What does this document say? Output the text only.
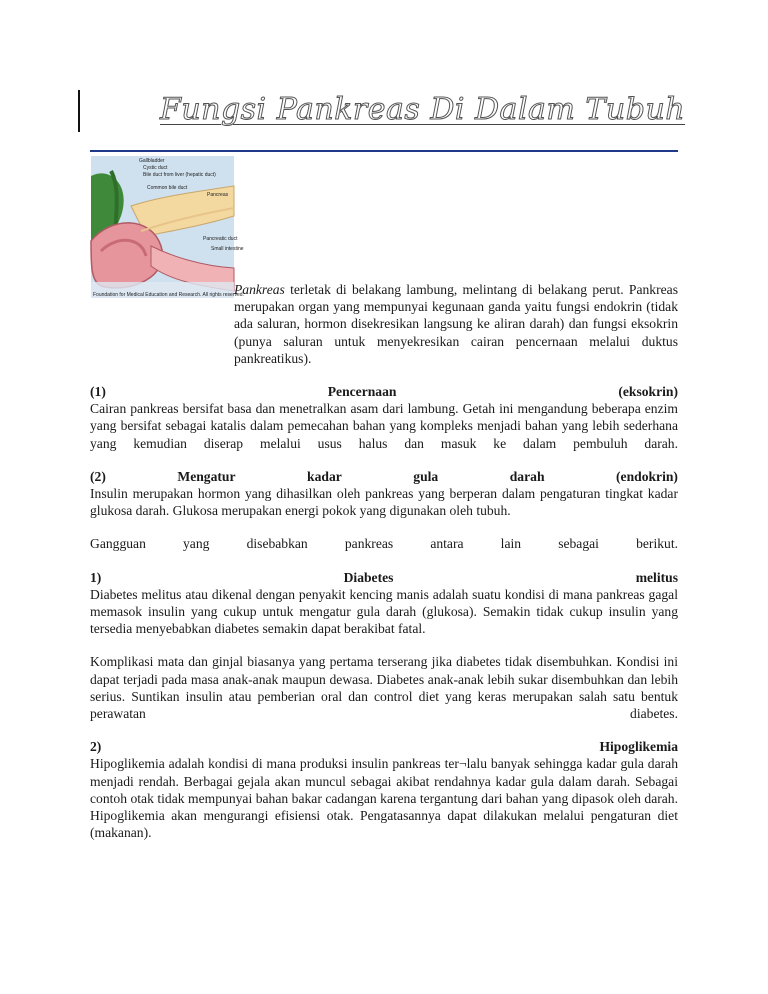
Fungsi Pankreas Di Dalam Tubuh
Gallbladder
Cystic duct
Bile duct from liver (hepatic duct)
Common bile duct
Pancreas
Pancreatic duct
Small intestine
Foundation for Medical Education and Research. All rights reserved.

Pankreas terletak di belakang lambung, melintang di belakang perut. Pankreas merupakan organ yang mempunyai kegunaan ganda yaitu fungsi endokrin (tidak ada saluran, hormon disekresikan langsung ke aliran darah) dan fungsi eksokrin (punya saluran untuk menyekresikan cairan pencernaan melalui duktus pankreatikus).

(1)	Pencernaan	(eksokrin)

Cairan pankreas bersifat basa dan menetralkan asam dari lambung. Getah ini mengandung beberapa enzim yang bersifat sebagai katalis dalam pemecahan bahan yang kompleks menjadi bahan yang lebih sederhana yang kemudian diserap melalui usus halus dan masuk ke dalam pembuluh darah.

(2)	Mengatur	kadar	gula	darah	(endokrin)

Insulin merupakan hormon yang dihasilkan oleh pankreas yang berperan dalam pengaturan tingkat kadar glukosa darah. Glukosa merupakan energi pokok yang digunakan oleh tubuh.

Gangguan yang disebabkan pankreas antara lain sebagai berikut.

1)	Diabetes	melitus

Diabetes melitus atau dikenal dengan penyakit kencing manis adalah suatu kondisi di mana pankreas gagal memasok insulin yang cukup untuk mengatur gula darah (glukosa). Semakin tidak cukup insulin yang tersedia menyebabkan diabetes semakin dapat berakibat fatal.

Komplikasi mata dan ginjal biasanya yang pertama terserang jika diabetes tidak disembuhkan. Kondisi ini dapat terjadi pada masa anak-anak maupun dewasa. Diabetes anak-anak lebih sukar disembuhkan dan lebih serius. Suntikan insulin atau pemberian oral dan control diet yang keras merupakan salah satu bentuk perawatan diabetes.

2)	Hipoglikemia

Hipoglikemia adalah kondisi di mana produksi insulin pankreas ter¬lalu banyak sehingga kadar gula darah menjadi rendah. Berbagai gejala akan muncul sebagai akibat rendahnya kadar gula dalam darah. Sebagai contoh otak tidak mempunyai bahan bakar cadangan karena tergantung dari bahan yang dipasok oleh darah. Hipoglikemia akan mengurangi efisiensi otak. Pengatasannya dapat dilakukan melalui pengaturan diet (makanan).
